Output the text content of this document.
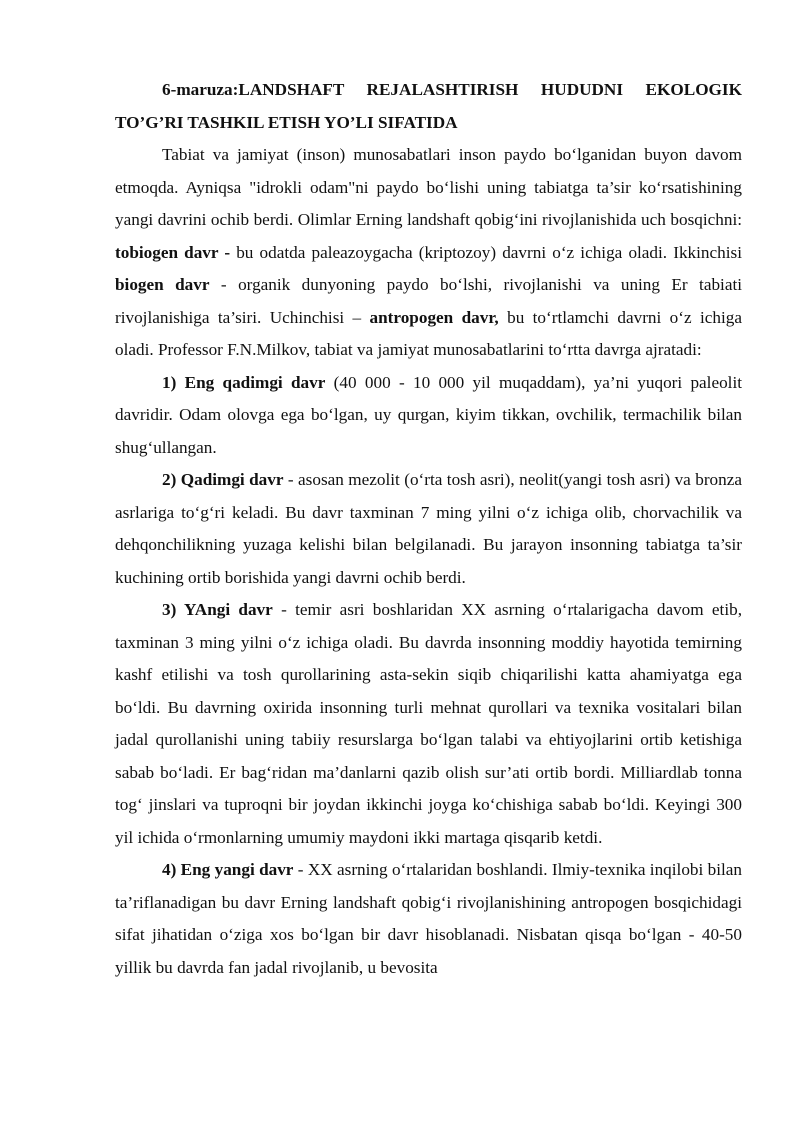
6-maruza:LANDSHAFT REJALASHTIRISH HUDUDNI EKOLOGIK TO’G’RI TASHKIL ETISH YO’LI SIFATIDA

Tabiat va jamiyat (inson) munosabatlari inson paydo bo‘lganidan buyon davom etmoqda. Ayniqsa "idrokli odam"ni paydo bo‘lishi uning tabiatga ta’sir ko‘rsatishining yangi davrini ochib berdi. Olimlar Erning landshaft qobig‘ini rivojlanishida uch bosqichni: tobiogen davr - bu odatda paleazoygacha (kriptozoy) davrni o‘z ichiga oladi. Ikkinchisi biogen davr - organik dunyoning paydo bo‘lshi, rivojlanishi va uning Er tabiati rivojlanishiga ta’siri. Uchinchisi – antropogen davr, bu to‘rtlamchi davrni o‘z ichiga oladi. Professor F.N.Milkov, tabiat va jamiyat munosabatlarini to‘rtta davrga ajratadi:

1) Eng qadimgi davr (40 000 - 10 000 yil muqaddam), ya’ni yuqori paleolit davridir. Odam olovga ega bo‘lgan, uy qurgan, kiyim tikkan, ovchilik, termachilik bilan shug‘ullangan.

2) Qadimgi davr - asosan mezolit (o‘rta tosh asri), neolit(yangi tosh asri) va bronza asrlariga to‘g‘ri keladi. Bu davr taxminan 7 ming yilni o‘z ichiga olib, chorvachilik va dehqonchilikning yuzaga kelishi bilan belgilanadi. Bu jarayon insonning tabiatga ta’sir kuchining ortib borishida yangi davrni ochib berdi.

3) YAngi davr - temir asri boshlaridan XX asrning o‘rtalarigacha davom etib, taxminan 3 ming yilni o‘z ichiga oladi. Bu davrda insonning moddiy hayotida temirning kashf etilishi va tosh qurollarining asta-sekin siqib chiqarilishi katta ahamiyatga ega bo‘ldi. Bu davrning oxirida insonning turli mehnat qurollari va texnika vositalari bilan jadal qurollanishi uning tabiiy resurslarga bo‘lgan talabi va ehtiyojlarini ortib ketishiga sabab bo‘ladi. Er bag‘ridan ma’danlarni qazib olish sur’ati ortib bordi. Milliardlab tonna tog‘ jinslari va tuproqni bir joydan ikkinchi joyga ko‘chishiga sabab bo‘ldi. Keyingi 300 yil ichida o‘rmonlarning umumiy maydoni ikki martaga qisqarib ketdi.

4) Eng yangi davr - XX asrning o‘rtalaridan boshlandi. Ilmiy-texnika inqilobi bilan ta’riflanadigan bu davr Erning landshaft qobig‘i rivojlanishining antropogen bosqichidagi sifat jihatidan o‘ziga xos bo‘lgan bir davr hisoblanadi. Nisbatan qisqa bo‘lgan - 40-50 yillik bu davrda fan jadal rivojlanib, u bevosita
